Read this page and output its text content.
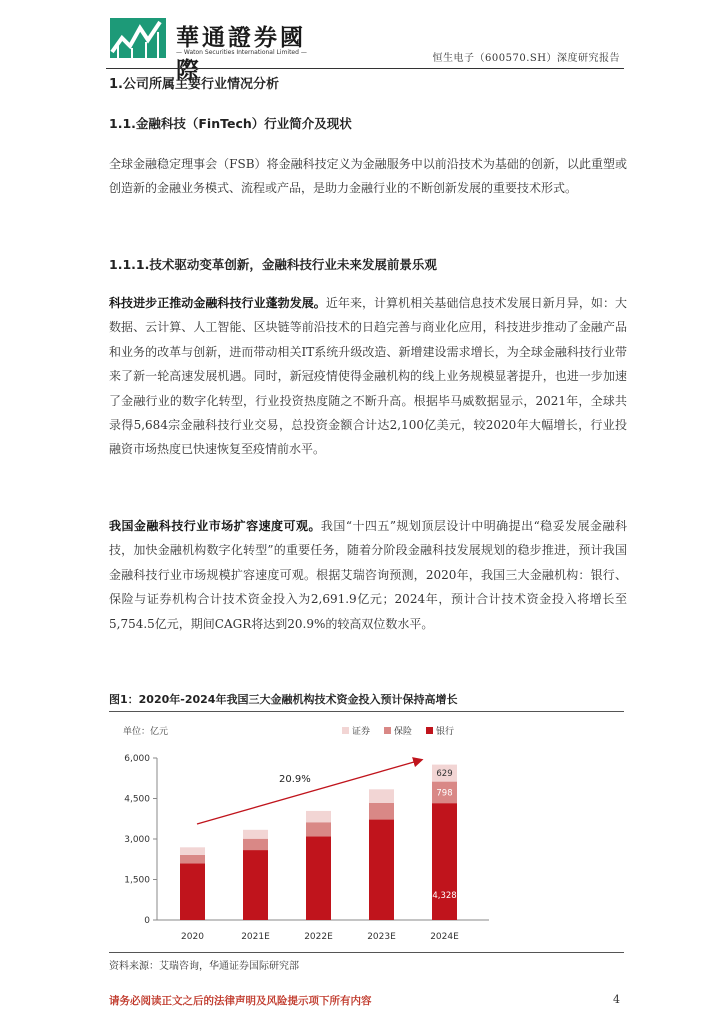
華通證券國際
— Waton Securities International Limited —
恒生电子（600570.SH）深度研究报告
1.公司所属主要行业情况分析
1.1.金融科技（FinTech）行业简介及现状
全球金融稳定理事会（FSB）将金融科技定义为金融服务中以前沿技术为基础的创新，以此重塑或创造新的金融业务模式、流程或产品，是助力金融行业的不断创新发展的重要技术形式。
1.1.1.技术驱动变革创新，金融科技行业未来发展前景乐观
科技进步正推动金融科技行业蓬勃发展。近年来，计算机相关基础信息技术发展日新月异，如：大数据、云计算、人工智能、区块链等前沿技术的日趋完善与商业化应用，科技进步推动了金融产品和业务的改革与创新，进而带动相关IT系统升级改造、新增建设需求增长，为全球金融科技行业带来了新一轮高速发展机遇。同时，新冠疫情使得金融机构的线上业务规模显著提升，也进一步加速了金融行业的数字化转型，行业投资热度随之不断升高。根据毕马威数据显示，2021年，全球共录得5,684宗金融科技行业交易，总投资金额合计达2,100亿美元，较2020年大幅增长，行业投融资市场热度已快速恢复至疫情前水平。
我国金融科技行业市场扩容速度可观。我国“十四五”规划顶层设计中明确提出“稳妥发展金融科技，加快金融机构数字化转型”的重要任务，随着分阶段金融科技发展规划的稳步推进，预计我国金融科技行业市场规模扩容速度可观。根据艾瑞咨询预测，2020年，我国三大金融机构：银行、保险与证券机构合计技术资金投入为2,691.9亿元；2024年，预计合计技术资金投入将增长至5,754.5亿元，期间CAGR将达到20.9%的较高双位数水平。
图1：2020年-2024年我国三大金融机构技术资金投入预计保持高增长
单位：亿元	证券	保险	银行
0
1,500
3,000
4,500
6,000
2020	2021E	2022E	2023E	2024E
4,328
798
629
20.9%
资料来源：艾瑞咨询，华通证券国际研究部
请务必阅读正文之后的法律声明及风险提示项下所有内容	4
